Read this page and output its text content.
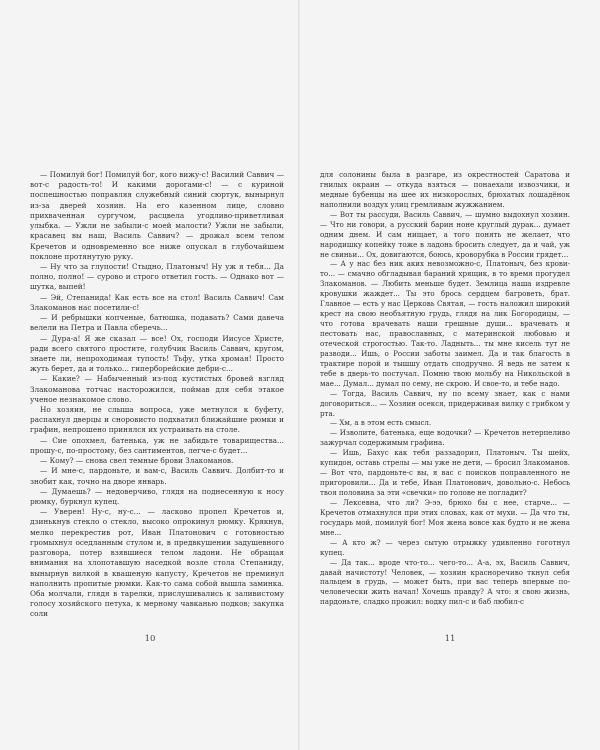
— Помилуй бог! Помилуй бог, кого вижу-с! Василий Саввич — вот-с радость-то! И какими дорогами-с! — с куриной поспешностью поправляя служебный синий сюртук, вынырнул из-за дверей хозяин. На его казенном лице, словно прихваченная сургучом, расцвела угодливо-приветливая улыбка. — Ужли не забыли-с моей малости? Ужли не забыли, красавец вы наш, Василь Саввич? — дрожал всем телом Кречетов и одновременно все ниже опускал в глубочайшем поклоне протянутую руку.

— Ну что за глупости! Стыдно, Платоныч! Ну уж я тебя... Да полно, полно! — сурово и строго ответил гость. — Однако вот — шутка, выпей!

— Эй, Степанида! Как есть все на стол! Василь Саввич! Сам Злакоманов нас посетили-с!

— И ребрышки копченые, батюшка, подавать? Сами давеча велели на Петра и Павла сберечь...

— Дура-а! Я же сказал — все! Ох, господи Иисусе Христе, ради всего святого простите, голубчик Василь Саввич, кругом, знаете ли, непроходимая тупость! Тьфу, утка хромая! Просто жуть берет, да и только... гиперборейские дебри-с...

— Какие? — Набыченный из-под кустистых бровей взгляд Злакоманова тотчас насторожился, поймав для себя этакое ученое незнакомое слово.

Но хозяин, не слыша вопроса, уже метнулся к буфету, распахнул дверцы и сноровисто подхватил ближайшие рюмки и графин, непрошено принялся их устраивать на столе.

— Сие опохмел, батенька, уж не забидьте товарищества... прошу-с, по-простому, без сантиментов, легче-с будет...

— Кому? — снова свел темные брови Злакоманов.

— И мне-с, пардоньте, и вам-с, Василь Саввич. Долбит-то и знобит как, точно на дворе январь.

— Думаешь? — недоверчиво, глядя на поднесенную к носу рюмку, буркнул купец.

— Уверен! Ну-с, ну-с... — ласково пропел Кречетов и, дзинькнув стекло о стекло, высоко опрокинул рюмку. Крякнув, мелко перекрестив рот, Иван Платонович с готовностью громыхнул оседланным стулом и, в предвкушении задушевного разговора, потер взявшиеся телом ладони. Не обращая внимания на хлопотавшую наседкой возле стола Степаниду, вынырнув вилкой в квашеную капусту, Кречетов не преминул наполнить пропитые рюмки. Как-то сама собой вышла заминка. Оба молчали, глядя в тарелки, прислушивались к заливистому голосу хозяйского петуха, к мерному чавканью подков; закупка соли

10

для солонины была в разгаре, из окрестностей Саратова и гнилых окраин — откуда взяться — понаехали извозчики, и медные бубенцы на шее их низкорослых, брюхатых лошадёнок наполнили воздух улиц гремливым жужжанием.

— Вот ты рассуди, Василь Саввич, — шумно выдохнул хозяин. — Что ни говори, а русский барин ноне круглый дурак... думает одним днем. И сам нищает, а того понять не желает, что народишку копейку тоже в ладонь бросить следует, да и чай, уж не свиньи... Ох, довигаются, боюсь, кроворубка в России грядет...

— А у нас без ник аких невозможно-с, Платоныч, без крови-то... — смачно обгладывая бараний хрящик, в то время прогудел Злакоманов. — Любить меньше будет. Землица наша издревле кровушки жаждет... Ты это брось сердцем багроветь, брат. Главное — есть у нас Церковь Святая, — гость наложил широкий крест на свою необъятную грудь, глядя на лик Богородицы, — что готова врачевать наши грешные души... врачевать и пестовать нас, православных, с материнской любовью и отеческой строгостью. Так-то. Ладныть... ты мне кисель тут не разводи... Ишь, о России заботы заимел. Да и так благость в трактире порой и тышшу отдать сподручно. Я ведь не затем к тебе в дверь-то постучал. Помню твою мольбу на Никольской в мае... Думал... думал по сему, не скрою. И свое-то, и тебе надо.

— Тогда, Василь Саввич, ну по всему знает, как с нами договориться... — Хозяин осекся, придерживая вилку с грибком у рта.

— Хм, а в этом есть смысл.

— Изволите, батенька, еще водочки? — Кречетов нетерпеливо зажурчал содержимым графина.

— Ишь, Бахус как тебя раззадорил, Платоныч. Ты шейх, купидон, оставь стрелы — мы уже не дети, — бросил Злакоманов. — Вот что, пардоньте-с вы, я вас с поисков поправленного не пригоровили... Да и тебе, Иван Платонович, довольно-с. Небось твоя половина за эти «свечки» по голове не погладит?

— Лексевна, что ли? Э-ээ, брюхо бы с нее, старче... — Кречетов отмахнулся при этих словах, как от мухи. — Да что ты, государь мой, помилуй бог! Моя жена вовсе как будто и не жена мне...

— А кто ж? — через сытую отрыжку удивленно гоготнул купец.

— Да так... вроде что-то... чего-то... А-а, эх, Василь Саввич, давай начистоту! Человек, — хозяин красноречиво ткнул себя пальцем в грудь, — может быть, при вас теперь впервые по-человечески жить начал! Хочешь правду? А что: я свою жизнь, пардоньте, сладко прожил: водку пил-с и баб любил-с

11
